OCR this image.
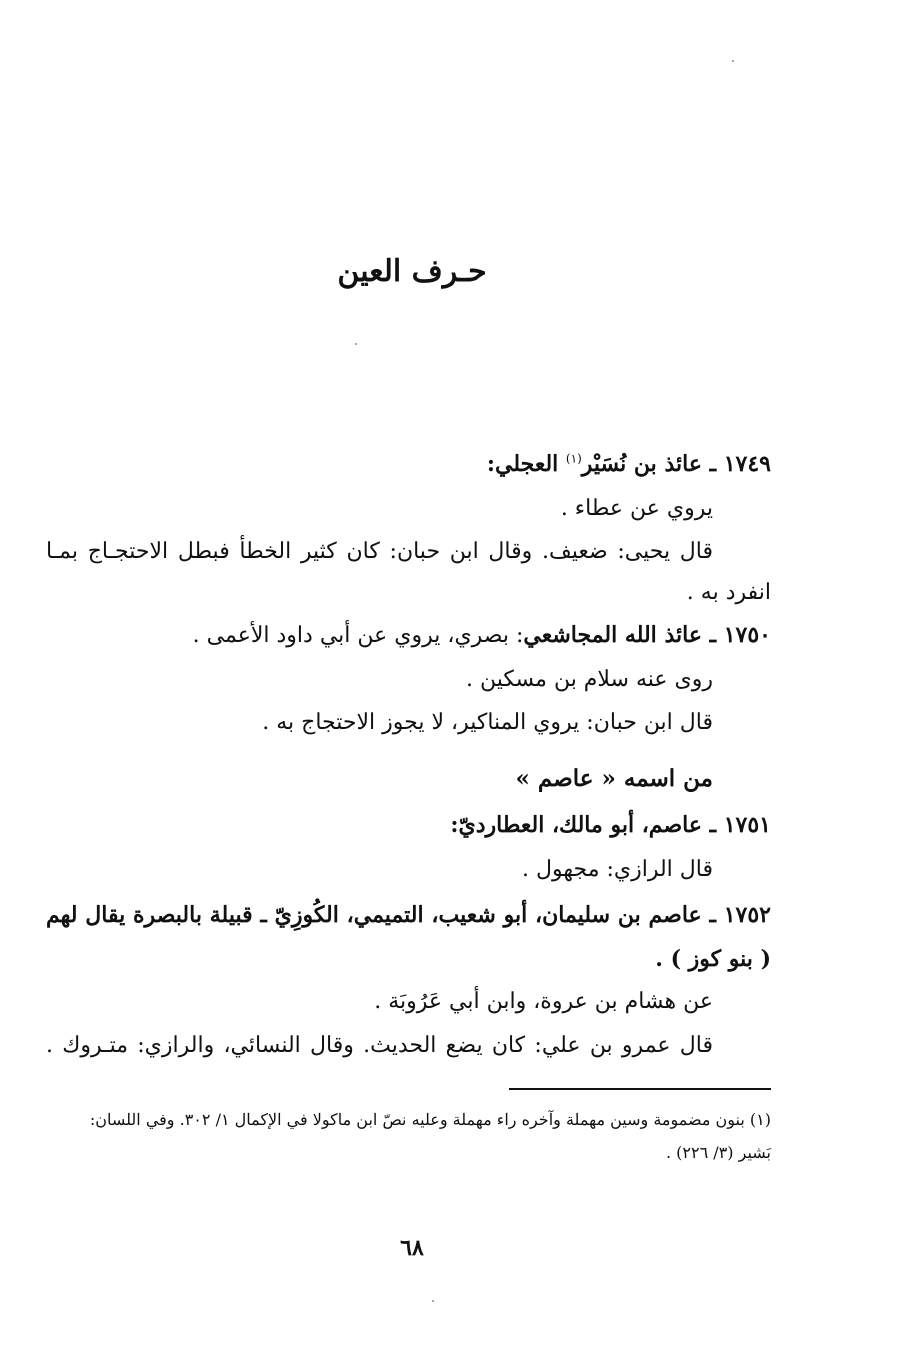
حـرف العين
١٧٤٩ ـ عائذ بن نُسَيْر$^{(١)}$ العجلي:
يروي عن عطاء .
قال يحيى: ضعيف. وقال ابن حبان: كان كثير الخطأ فبطل الاحتجـاج بمـا
انفرد به .
١٧٥٠ ـ عائذ الله المجاشعي: بصري، يروي عن أبي داود الأعمى .
روى عنه سلام بن مسكين .
قال ابن حبان: يروي المناكير، لا يجوز الاحتجاج به .
من اسمه « عاصم »
١٧٥١ ـ عاصم، أبو مالك، العطارديّ:
قال الرازي: مجهول .
١٧٥٢ ـ عاصم بن سليمان، أبو شعيب، التميمي، الكُوزِيّ ـ قبيلة بالبصرة يقال لهم
( بنو كوز ) .
عن هشام بن عروة، وابن أبي عَرُوبَة .
قال عمرو بن علي: كان يضع الحديث. وقال النسائي، والرازي: متـروك .
(١) بنون مضمومة وسين مهملة وآخره راء مهملة وعليه نصّ ابن ماكولا في الإكمال ١/ ٣٠٢. وفي اللسان:
بَشير (٣/ ٢٢٦) .
٦٨
